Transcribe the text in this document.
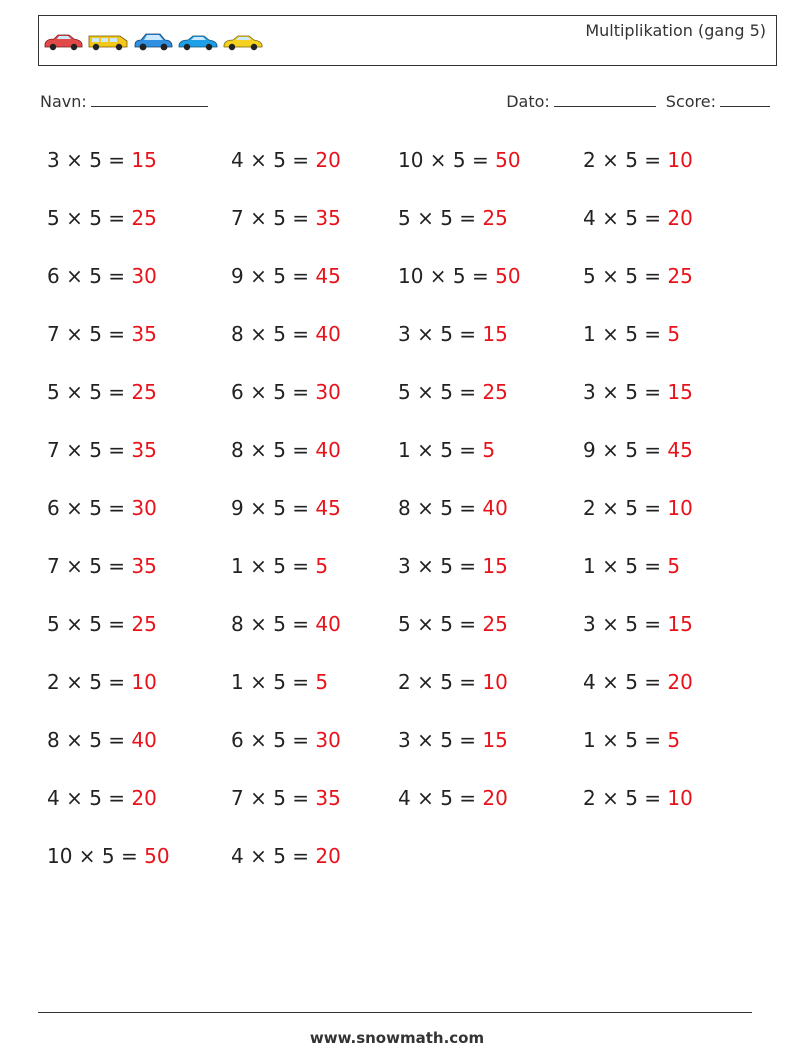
Multiplikation (gang 5)
Navn:	Dato:	Score:
3 × 5 = 15
5 × 5 = 25
6 × 5 = 30
7 × 5 = 35
5 × 5 = 25
7 × 5 = 35
6 × 5 = 30
7 × 5 = 35
5 × 5 = 25
2 × 5 = 10
8 × 5 = 40
4 × 5 = 20
10 × 5 = 50
4 × 5 = 20
7 × 5 = 35
9 × 5 = 45
8 × 5 = 40
6 × 5 = 30
8 × 5 = 40
9 × 5 = 45
1 × 5 = 5
8 × 5 = 40
1 × 5 = 5
6 × 5 = 30
7 × 5 = 35
4 × 5 = 20
10 × 5 = 50
5 × 5 = 25
10 × 5 = 50
3 × 5 = 15
5 × 5 = 25
1 × 5 = 5
8 × 5 = 40
3 × 5 = 15
5 × 5 = 25
2 × 5 = 10
3 × 5 = 15
4 × 5 = 20
2 × 5 = 10
4 × 5 = 20
5 × 5 = 25
1 × 5 = 5
3 × 5 = 15
9 × 5 = 45
2 × 5 = 10
1 × 5 = 5
3 × 5 = 15
4 × 5 = 20
1 × 5 = 5
2 × 5 = 10
www.snowmath.com
